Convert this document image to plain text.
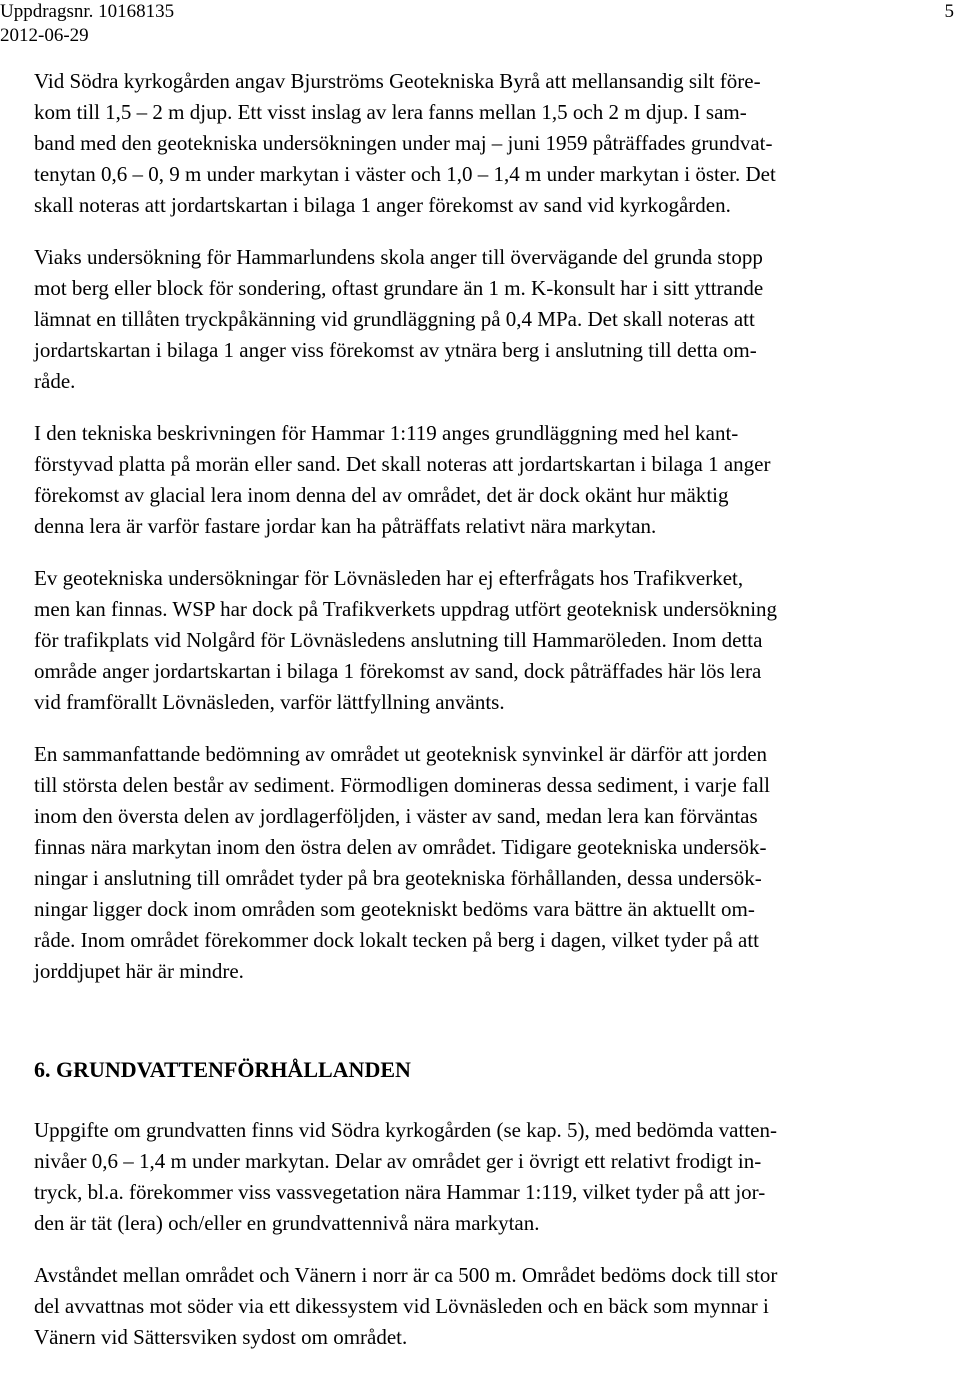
Uppdragsnr. 10168135
2012-06-29
5

Vid Södra kyrkogården angav Bjurströms Geotekniska Byrå att mellansandig silt före-
kom till 1,5 – 2 m djup. Ett visst inslag av lera fanns mellan 1,5 och 2 m djup. I sam-
band med den geotekniska undersökningen under maj – juni 1959 påträffades grundvat-
tenytan 0,6 – 0, 9 m under markytan i väster och 1,0 – 1,4 m under markytan i öster. Det
skall noteras att jordartskartan i bilaga 1 anger förekomst av sand vid kyrkogården.

Viaks undersökning för Hammarlundens skola anger till övervägande del grunda stopp
mot berg eller block för sondering, oftast grundare än 1 m. K-konsult har i sitt yttrande
lämnat en tillåten tryckpåkänning vid grundläggning på 0,4 MPa. Det skall noteras att
jordartskartan i bilaga 1 anger viss förekomst av ytnära berg i anslutning till detta om-
råde.

I den tekniska beskrivningen för Hammar 1:119 anges grundläggning med hel kant-
förstyvad platta på morän eller sand. Det skall noteras att jordartskartan i bilaga 1 anger
förekomst av glacial lera inom denna del av området, det är dock okänt hur mäktig
denna lera är varför fastare jordar kan ha påträffats relativt nära markytan.

Ev geotekniska undersökningar för Lövnäsleden har ej efterfrågats hos Trafikverket,
men kan finnas. WSP har dock på Trafikverkets uppdrag utfört geoteknisk undersökning
för trafikplats vid Nolgård för Lövnäsledens anslutning till Hammaröleden. Inom detta
område anger jordartskartan i bilaga 1 förekomst av sand, dock påträffades här lös lera
vid framförallt Lövnäsleden, varför lättfyllning använts.

En sammanfattande bedömning av området ut geoteknisk synvinkel är därför att jorden
till största delen består av sediment. Förmodligen domineras dessa sediment, i varje fall
inom den översta delen av jordlagerföljden, i väster av sand, medan lera kan förväntas
finnas nära markytan inom den östra delen av området. Tidigare geotekniska undersök-
ningar i anslutning till området tyder på bra geotekniska förhållanden, dessa undersök-
ningar ligger dock inom områden som geotekniskt bedöms vara bättre än aktuellt om-
råde. Inom området förekommer dock lokalt tecken på berg i dagen, vilket tyder på att
jorddjupet här är mindre.

6. GRUNDVATTENFÖRHÅLLANDEN

Uppgifte om grundvatten finns vid Södra kyrkogården (se kap. 5), med bedömda vatten-
nivåer 0,6 – 1,4 m under markytan. Delar av området ger i övrigt ett relativt frodigt in-
tryck, bl.a. förekommer viss vassvegetation nära Hammar 1:119, vilket tyder på att jor-
den är tät (lera) och/eller en grundvattennivå nära markytan.

Avståndet mellan området och Vänern i norr är ca 500 m. Området bedöms dock till stor
del avvattnas mot söder via ett dikessystem vid Lövnäsleden och en bäck som mynnar i
Vänern vid Sättersviken sydost om området.
